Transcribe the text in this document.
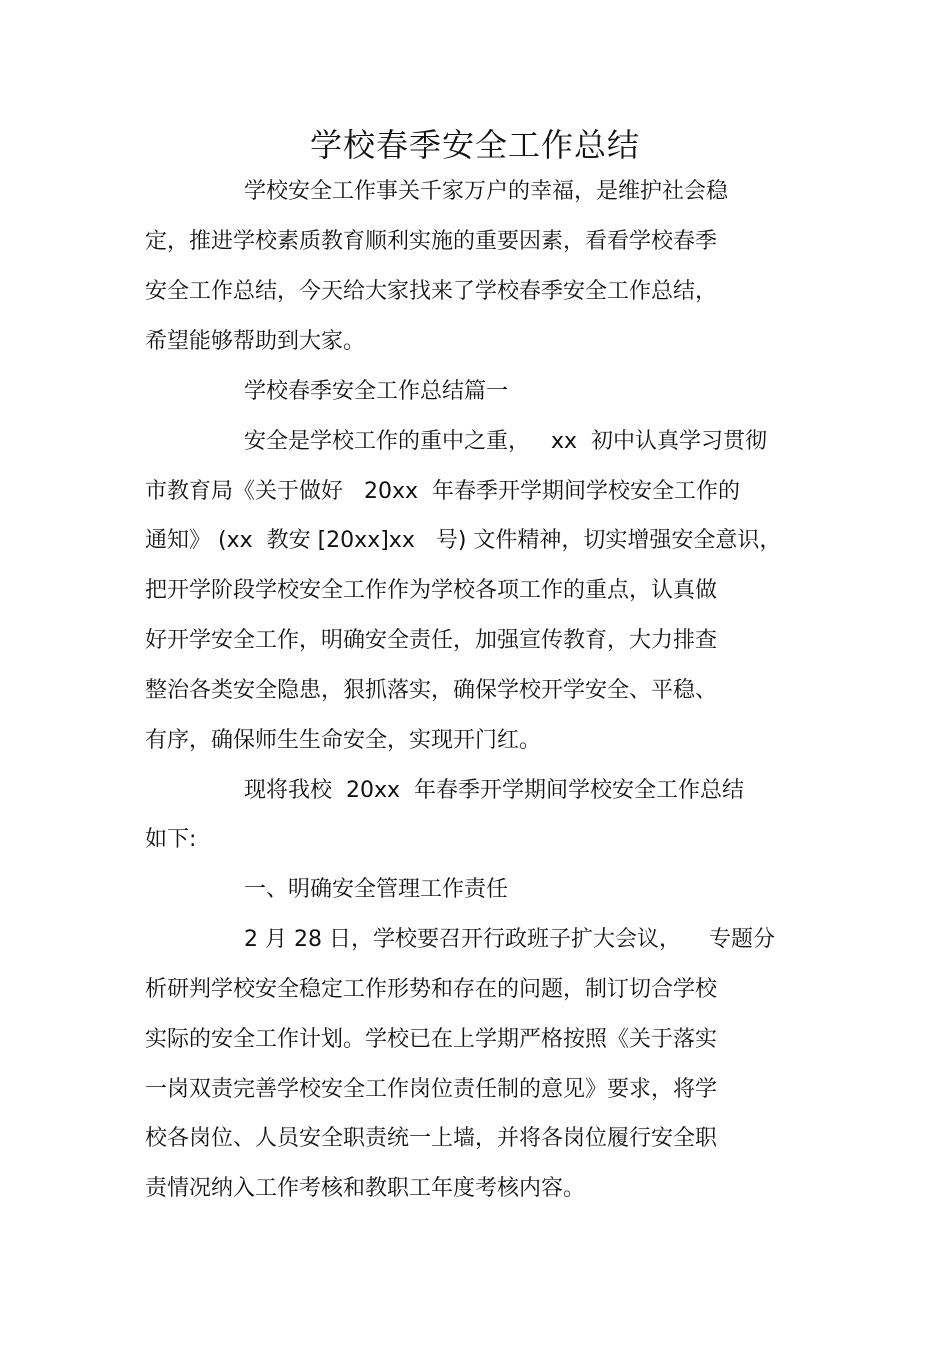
学校春季安全工作总结
学校安全工作事关千家万户的幸福，是维护社会稳
定，推进学校素质教育顺利实施的重要因素，看看学校春季
安全工作总结，今天给大家找来了学校春季安全工作总结，
希望能够帮助到大家。
学校春季安全工作总结篇一
安全是学校工作的重中之重，   xx  初中认真学习贯彻
市教育局《关于做好   20xx  年春季开学期间学校安全工作的
通知》 (xx  教安 [20xx]xx   号) 文件精神，切实增强安全意识，
把开学阶段学校安全工作作为学校各项工作的重点，认真做
好开学安全工作，明确安全责任，加强宣传教育，大力排查
整治各类安全隐患，狠抓落实，确保学校开学安全、平稳、
有序，确保师生生命安全，实现开门红。
现将我校  20xx  年春季开学期间学校安全工作总结
如下:
一、明确安全管理工作责任
2 月 28 日，学校要召开行政班子扩大会议，    专题分
析研判学校安全稳定工作形势和存在的问题，制订切合学校
实际的安全工作计划。学校已在上学期严格按照《关于落实
一岗双责完善学校安全工作岗位责任制的意见》要求，将学
校各岗位、人员安全职责统一上墙，并将各岗位履行安全职
责情况纳入工作考核和教职工年度考核内容。
